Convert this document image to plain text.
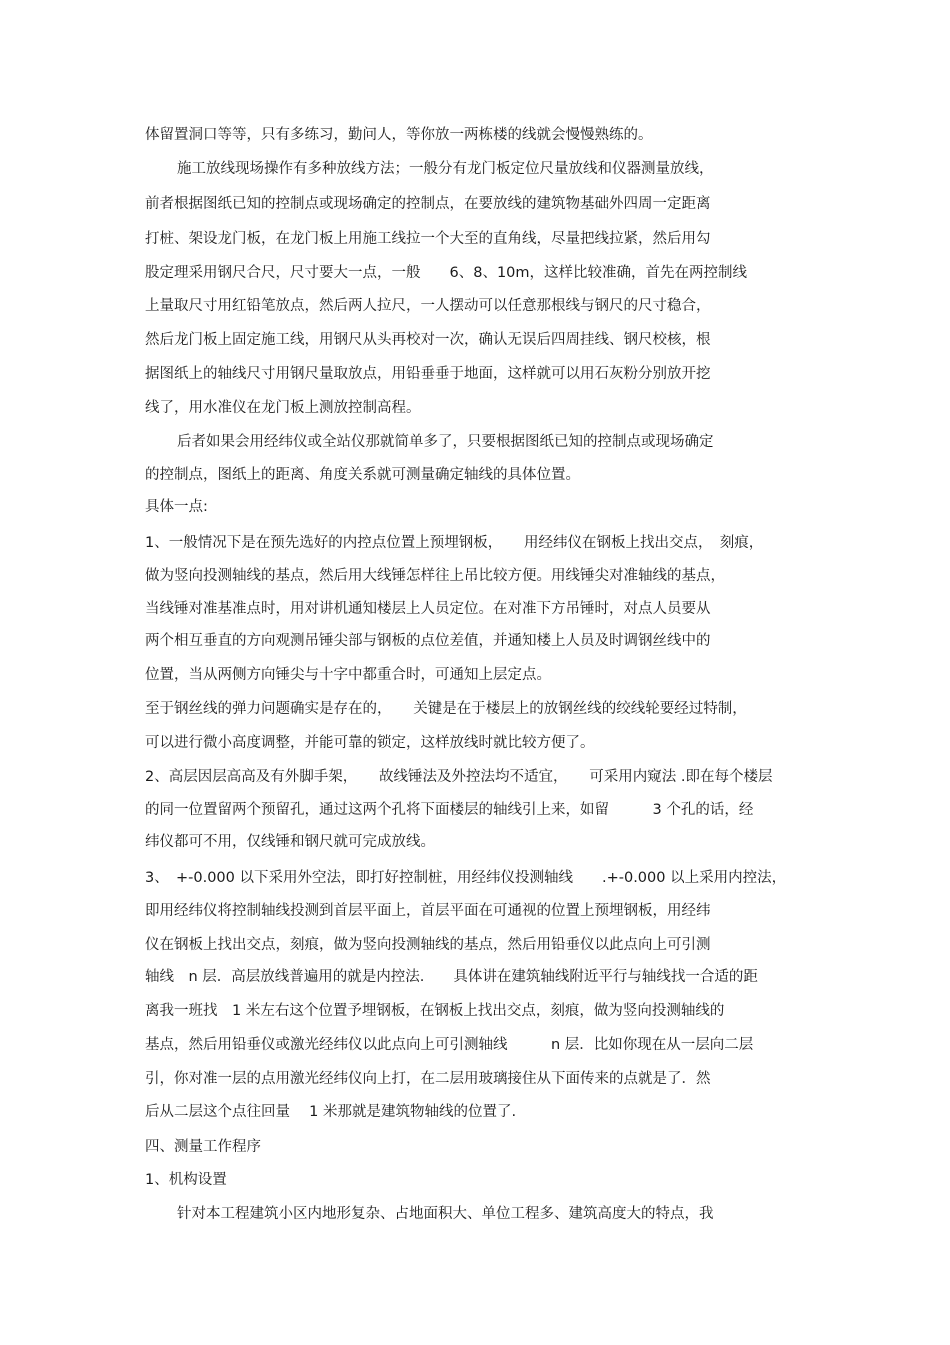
体留置洞口等等，只有多练习，勤问人，等你放一两栋楼的线就会慢慢熟练的。
施工放线现场操作有多种放线方法；一般分有龙门板定位尺量放线和仪器测量放线，
前者根据图纸已知的控制点或现场确定的控制点，在要放线的建筑物基础外四周一定距离
打桩、架设龙门板，在龙门板上用施工线拉一个大至的直角线，尽量把线拉紧，然后用勾
股定理采用钢尺合尺，尺寸要大一点，一般　　6、8、10m，这样比较准确，首先在两控制线
上量取尺寸用红铅笔放点，然后两人拉尺，一人摆动可以任意那根线与钢尺的尺寸稳合，
然后龙门板上固定施工线，用钢尺从头再校对一次，确认无误后四周挂线、钢尺校核，根
据图纸上的轴线尺寸用钢尺量取放点，用铅垂垂于地面，这样就可以用石灰粉分别放开挖
线了，用水准仪在龙门板上测放控制高程。
后者如果会用经纬仪或全站仪那就简单多了，只要根据图纸已知的控制点或现场确定
的控制点，图纸上的距离、角度关系就可测量确定轴线的具体位置。
具体一点:
1、一般情况下是在预先选好的内控点位置上预埋钢板，　　用经纬仪在钢板上找出交点，　刻痕，
做为竖向投测轴线的基点，然后用大线锤怎样往上吊比较方便。用线锤尖对准轴线的基点，
当线锤对准基准点时，用对讲机通知楼层上人员定位。在对准下方吊锤时，对点人员要从
两个相互垂直的方向观测吊锤尖部与钢板的点位差值，并通知楼上人员及时调钢丝线中的
位置，当从两侧方向锤尖与十字中都重合时，可通知上层定点。
至于钢丝线的弹力问题确实是存在的，　　关键是在于楼层上的放钢丝线的绞线轮要经过特制，
可以进行微小高度调整，并能可靠的锁定，这样放线时就比较方便了。
2、高层因层高高及有外脚手架，　　故线锤法及外控法均不适宜，　　可采用内窥法 .即在每个楼层
的同一位置留两个预留孔，通过这两个孔将下面楼层的轴线引上来，如留　　　3 个孔的话，经
纬仪都可不用，仅线锤和钢尺就可完成放线。
3、　+-0.000 以下采用外空法，即打好控制桩，用经纬仪投测轴线　　.+-0.000 以上采用内控法，
即用经纬仪将控制轴线投测到首层平面上，首层平面在可通视的位置上预埋钢板，用经纬
仪在钢板上找出交点，刻痕，做为竖向投测轴线的基点，然后用铅垂仪以此点向上可引测
轴线　n 层．高层放线普遍用的就是内控法.　　具体讲在建筑轴线附近平行与轴线找一合适的距
离我一班找　1 米左右这个位置予埋钢板，在钢板上找出交点，刻痕，做为竖向投测轴线的
基点，然后用铅垂仪或激光经纬仪以此点向上可引测轴线　　　n 层．比如你现在从一层向二层
引，你对准一层的点用激光经纬仪向上打，在二层用玻璃接住从下面传来的点就是了．然
后从二层这个点往回量　 1 米那就是建筑物轴线的位置了.
四、测量工作程序
1、机构设置
针对本工程建筑小区内地形复杂、占地面积大、单位工程多、建筑高度大的特点，我
